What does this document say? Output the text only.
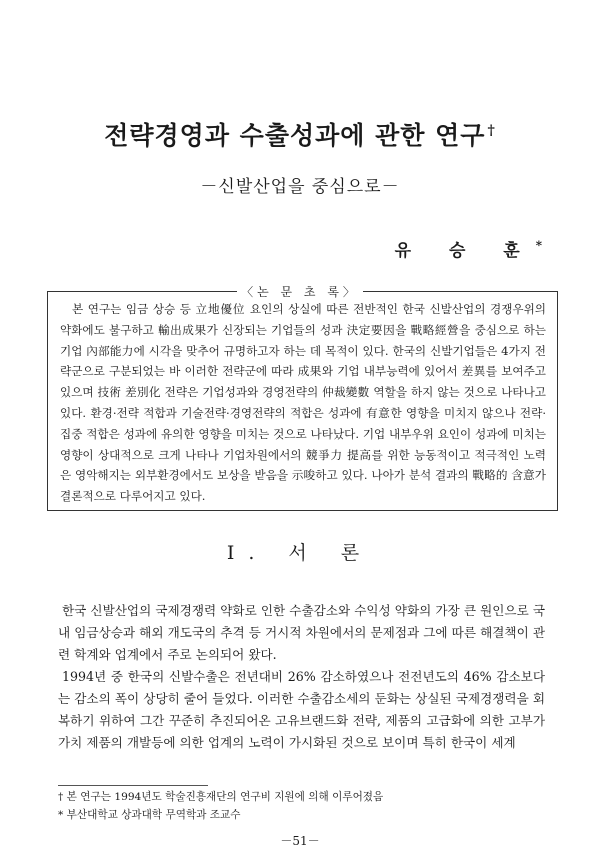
전략경영과 수출성과에 관한 연구 †
－신발산업을 중심으로－
유 승 훈*
〈논 문 초 록〉
본 연구는 임금 상승 등 立地優位 요인의 상실에 따른 전반적인 한국 신발산업의 경쟁우위의 약화에도 불구하고 輸出成果가 신장되는 기업들의 성과 決定要因을 戰略經營을 중심으로 하는 기업 內部能力에 시각을 맞추어 규명하고자 하는 데 목적이 있다. 한국의 신발기업들은 4가지 전략군으로 구분되었는 바 이러한 전략군에 따라 成果와 기업 내부능력에 있어서 差異를 보여주고 있으며 技術 差別化 전략은 기업성과와 경영전략의 仲裁變數 역할을 하지 않는 것으로 나타나고 있다. 환경·전략 적합과 기술전략·경영전략의 적합은 성과에 有意한 영향을 미치지 않으나 전략·집중 적합은 성과에 유의한 영향을 미치는 것으로 나타났다. 기업 내부우위 요인이 성과에 미치는 영향이 상대적으로 크게 나타나 기업차원에서의 競爭力 提高를 위한 능동적이고 적극적인 노력은 영악해지는 외부환경에서도 보상을 받음을 示唆하고 있다. 나아가 분석 결과의 戰略的 含意가 결론적으로 다루어지고 있다.
Ⅰ. 서 론

한국 신발산업의 국제경쟁력 약화로 인한 수출감소와 수익성 약화의 가장 큰 원인으로 국내 임금상승과 해외 개도국의 추격 등 거시적 차원에서의 문제점과 그에 따른 해결책이 관련 학계와 업계에서 주로 논의되어 왔다.

1994년 중 한국의 신발수출은 전년대비 26% 감소하였으나 전전년도의 46% 감소보다는 감소의 폭이 상당히 줄어 들었다. 이러한 수출감소세의 둔화는 상실된 국제경쟁력을 회복하기 위하여 그간 꾸준히 추진되어온 고유브랜드화 전략, 제품의 고급화에 의한 고부가가치 제품의 개발등에 의한 업계의 노력이 가시화된 것으로 보이며 특히 한국이 세계

† 본 연구는 1994년도 학술진흥재단의 연구비 지원에 의해 이루어졌음
* 부산대학교 상과대학 무역학과 조교수
－51－
